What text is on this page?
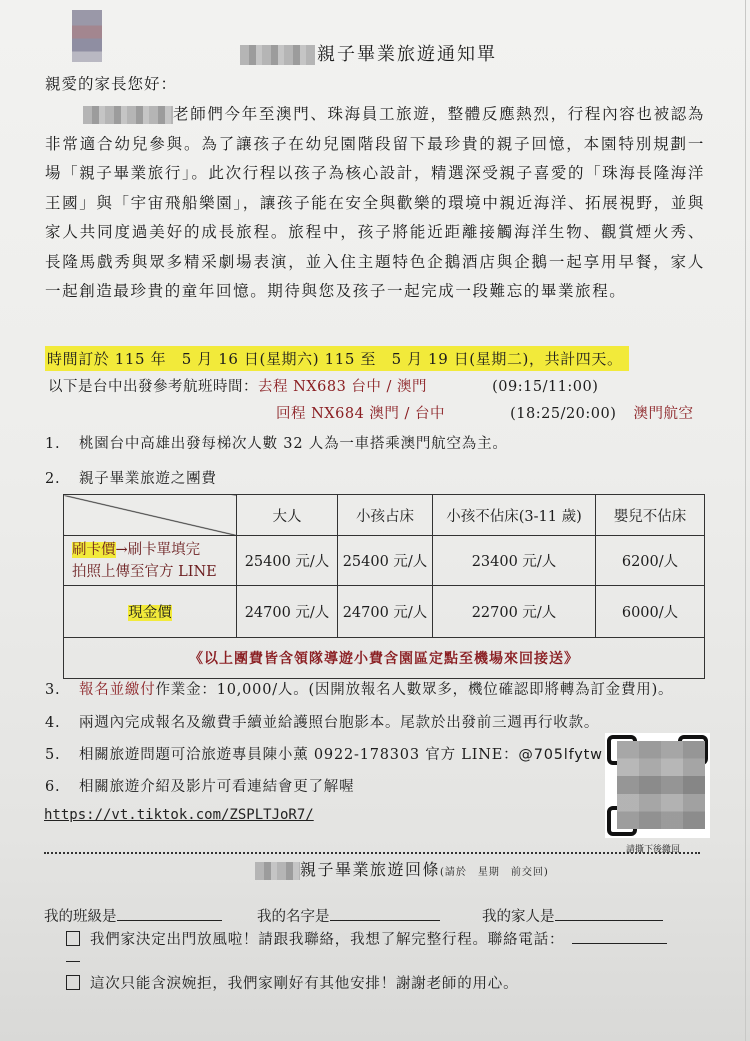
親子畢業旅遊通知單
親愛的家長您好：
老師們今年至澳門、珠海員工旅遊，整體反應熱烈，行程內容也被認為非常適合幼兒參與。為了讓孩子在幼兒園階段留下最珍貴的親子回憶，本園特別規劃一場「親子畢業旅行」。此次行程以孩子為核心設計，精選深受親子喜愛的「珠海長隆海洋王國」與「宇宙飛船樂園」，讓孩子能在安全與歡樂的環境中親近海洋、拓展視野，並與家人共同度過美好的成長旅程。旅程中，孩子將能近距離接觸海洋生物、觀賞煙火秀、長隆馬戲秀與眾多精采劇場表演，並入住主題特色企鵝酒店與企鵝一起享用早餐，家人一起創造最珍貴的童年回憶。期待與您及孩子一起完成一段難忘的畢業旅程。
時間訂於 115 年　5 月 16 日(星期六) 115 至　5 月 19 日(星期二)，共計四天。
以下是台中出發參考航班時間：去程 NX683 台中 / 澳門	(09:15/11:00)
回程 NX684 澳門 / 台中	(18:25/20:00) 澳門航空
1. 桃園台中高雄出發每梯次人數 32 人為一車搭乘澳門航空為主。
2. 親子畢業旅遊之團費
	大人	小孩占床	小孩不佔床(3-11 歲)	嬰兒不佔床
刷卡價→刷卡單填完
拍照上傳至官方 LINE	25400 元/人	25400 元/人	23400 元/人	6200/人
現金價	24700 元/人	24700 元/人	22700 元/人	6000/人
《以上團費皆含領隊導遊小費含園區定點至機場來回接送》				
3. 報名並繳付作業金：10,000/人。(因開放報名人數眾多，機位確認即將轉為訂金費用)。
4. 兩週內完成報名及繳費手續並給護照台胞影本。尾款於出發前三週再行收款。
5. 相關旅遊問題可洽旅遊專員陳小薰 0922-178303 官方 LINE：@705lfytw
6. 相關旅遊介紹及影片可看連結會更了解喔
https://vt.tiktok.com/ZSPLTJoR7/
請撕下後繳回
親子畢業旅遊回條(請於　星期　前交回)
我的班級是	我的名字是	我的家人是
我們家決定出門放風啦！請跟我聯絡，我想了解完整行程。聯絡電話：
這次只能含淚婉拒，我們家剛好有其他安排！謝謝老師的用心。
